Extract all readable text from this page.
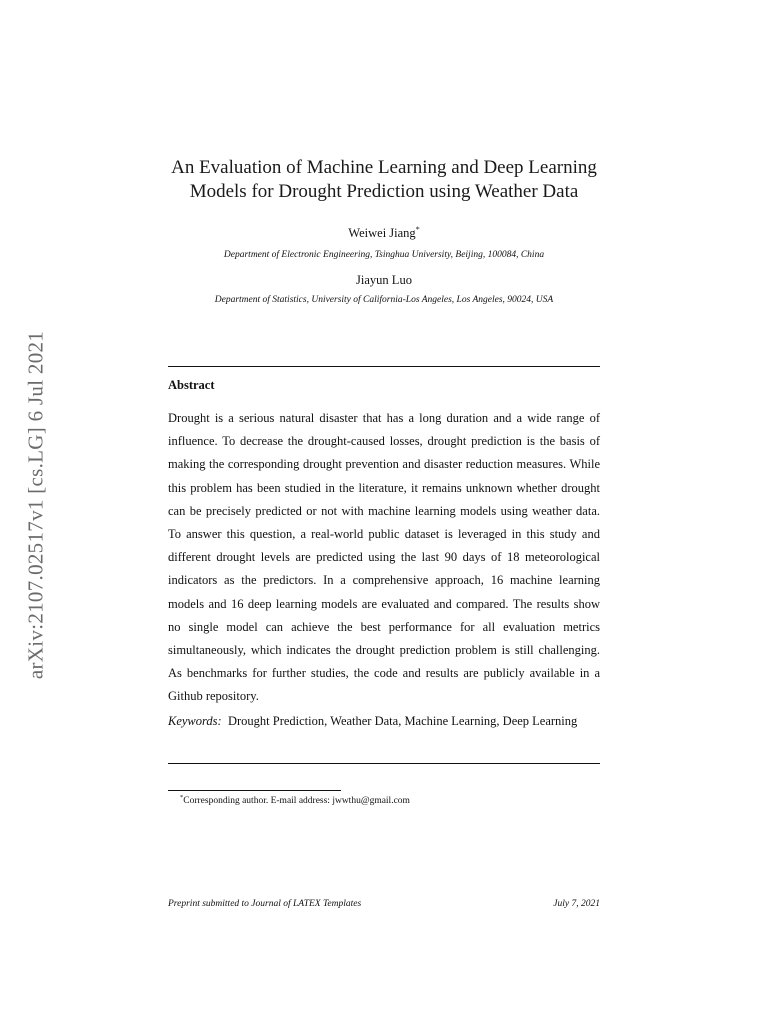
arXiv:2107.02517v1 [cs.LG] 6 Jul 2021
An Evaluation of Machine Learning and Deep Learning
Models for Drought Prediction using Weather Data
Weiwei Jiang*
Department of Electronic Engineering, Tsinghua University, Beijing, 100084, China
Jiayun Luo
Department of Statistics, University of California-Los Angeles, Los Angeles, 90024, USA
Abstract

Drought is a serious natural disaster that has a long duration and a wide range of influence. To decrease the drought-caused losses, drought prediction is the basis of making the corresponding drought prevention and disaster reduction measures. While this problem has been studied in the literature, it remains unknown whether drought can be precisely predicted or not with machine learning models using weather data. To answer this question, a real-world public dataset is leveraged in this study and different drought levels are predicted using the last 90 days of 18 meteorological indicators as the predictors. In a comprehensive approach, 16 machine learning models and 16 deep learning models are evaluated and compared. The results show no single model can achieve the best performance for all evaluation metrics simultaneously, which indicates the drought prediction problem is still challenging. As benchmarks for further studies, the code and results are publicly available in a Github repository.

Keywords: Drought Prediction, Weather Data, Machine Learning, Deep Learning
*Corresponding author. E-mail address: jwwthu@gmail.com
Preprint submitted to Journal of LATEX Templates	July 7, 2021
